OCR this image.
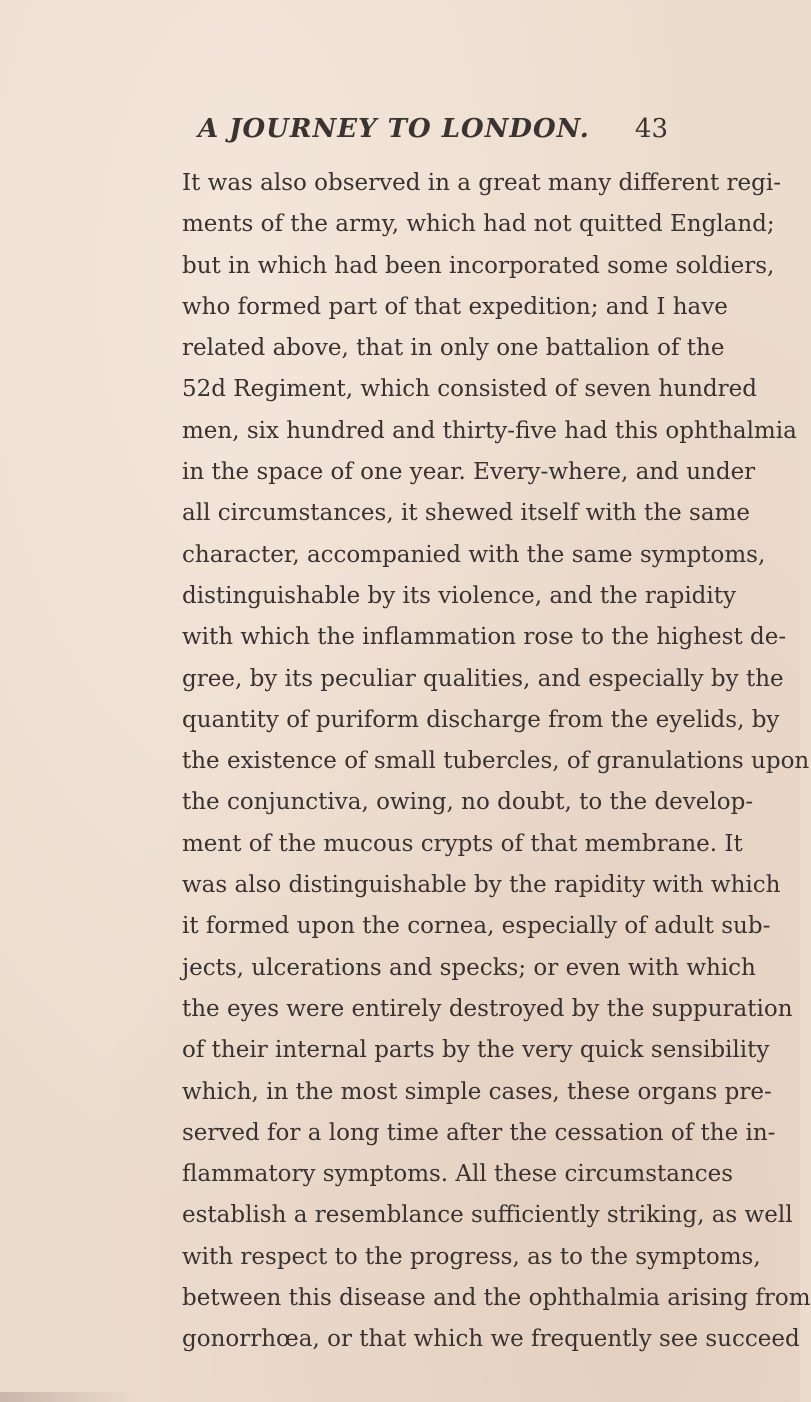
A JOURNEY TO LONDON. 43
It was also observed in a great many different regi-
ments of the army, which had not quitted England;
but in which had been incorporated some soldiers,
who formed part of that expedition; and I have
related above, that in only one battalion of the
52d Regiment, which consisted of seven hundred
men, six hundred and thirty-five had this ophthalmia
in the space of one year. Every-where, and under
all circumstances, it shewed itself with the same
character, accompanied with the same symptoms,
distinguishable by its violence, and the rapidity
with which the inflammation rose to the highest de-
gree, by its peculiar qualities, and especially by the
quantity of puriform discharge from the eyelids, by
the existence of small tubercles, of granulations upon
the conjunctiva, owing, no doubt, to the develop-
ment of the mucous crypts of that membrane. It
was also distinguishable by the rapidity with which
it formed upon the cornea, especially of adult sub-
jects, ulcerations and specks; or even with which
the eyes were entirely destroyed by the suppuration
of their internal parts by the very quick sensibility
which, in the most simple cases, these organs pre-
served for a long time after the cessation of the in-
flammatory symptoms. All these circumstances
establish a resemblance sufficiently striking, as well
with respect to the progress, as to the symptoms,
between this disease and the ophthalmia arising from
gonorrhœa, or that which we frequently see succeed
